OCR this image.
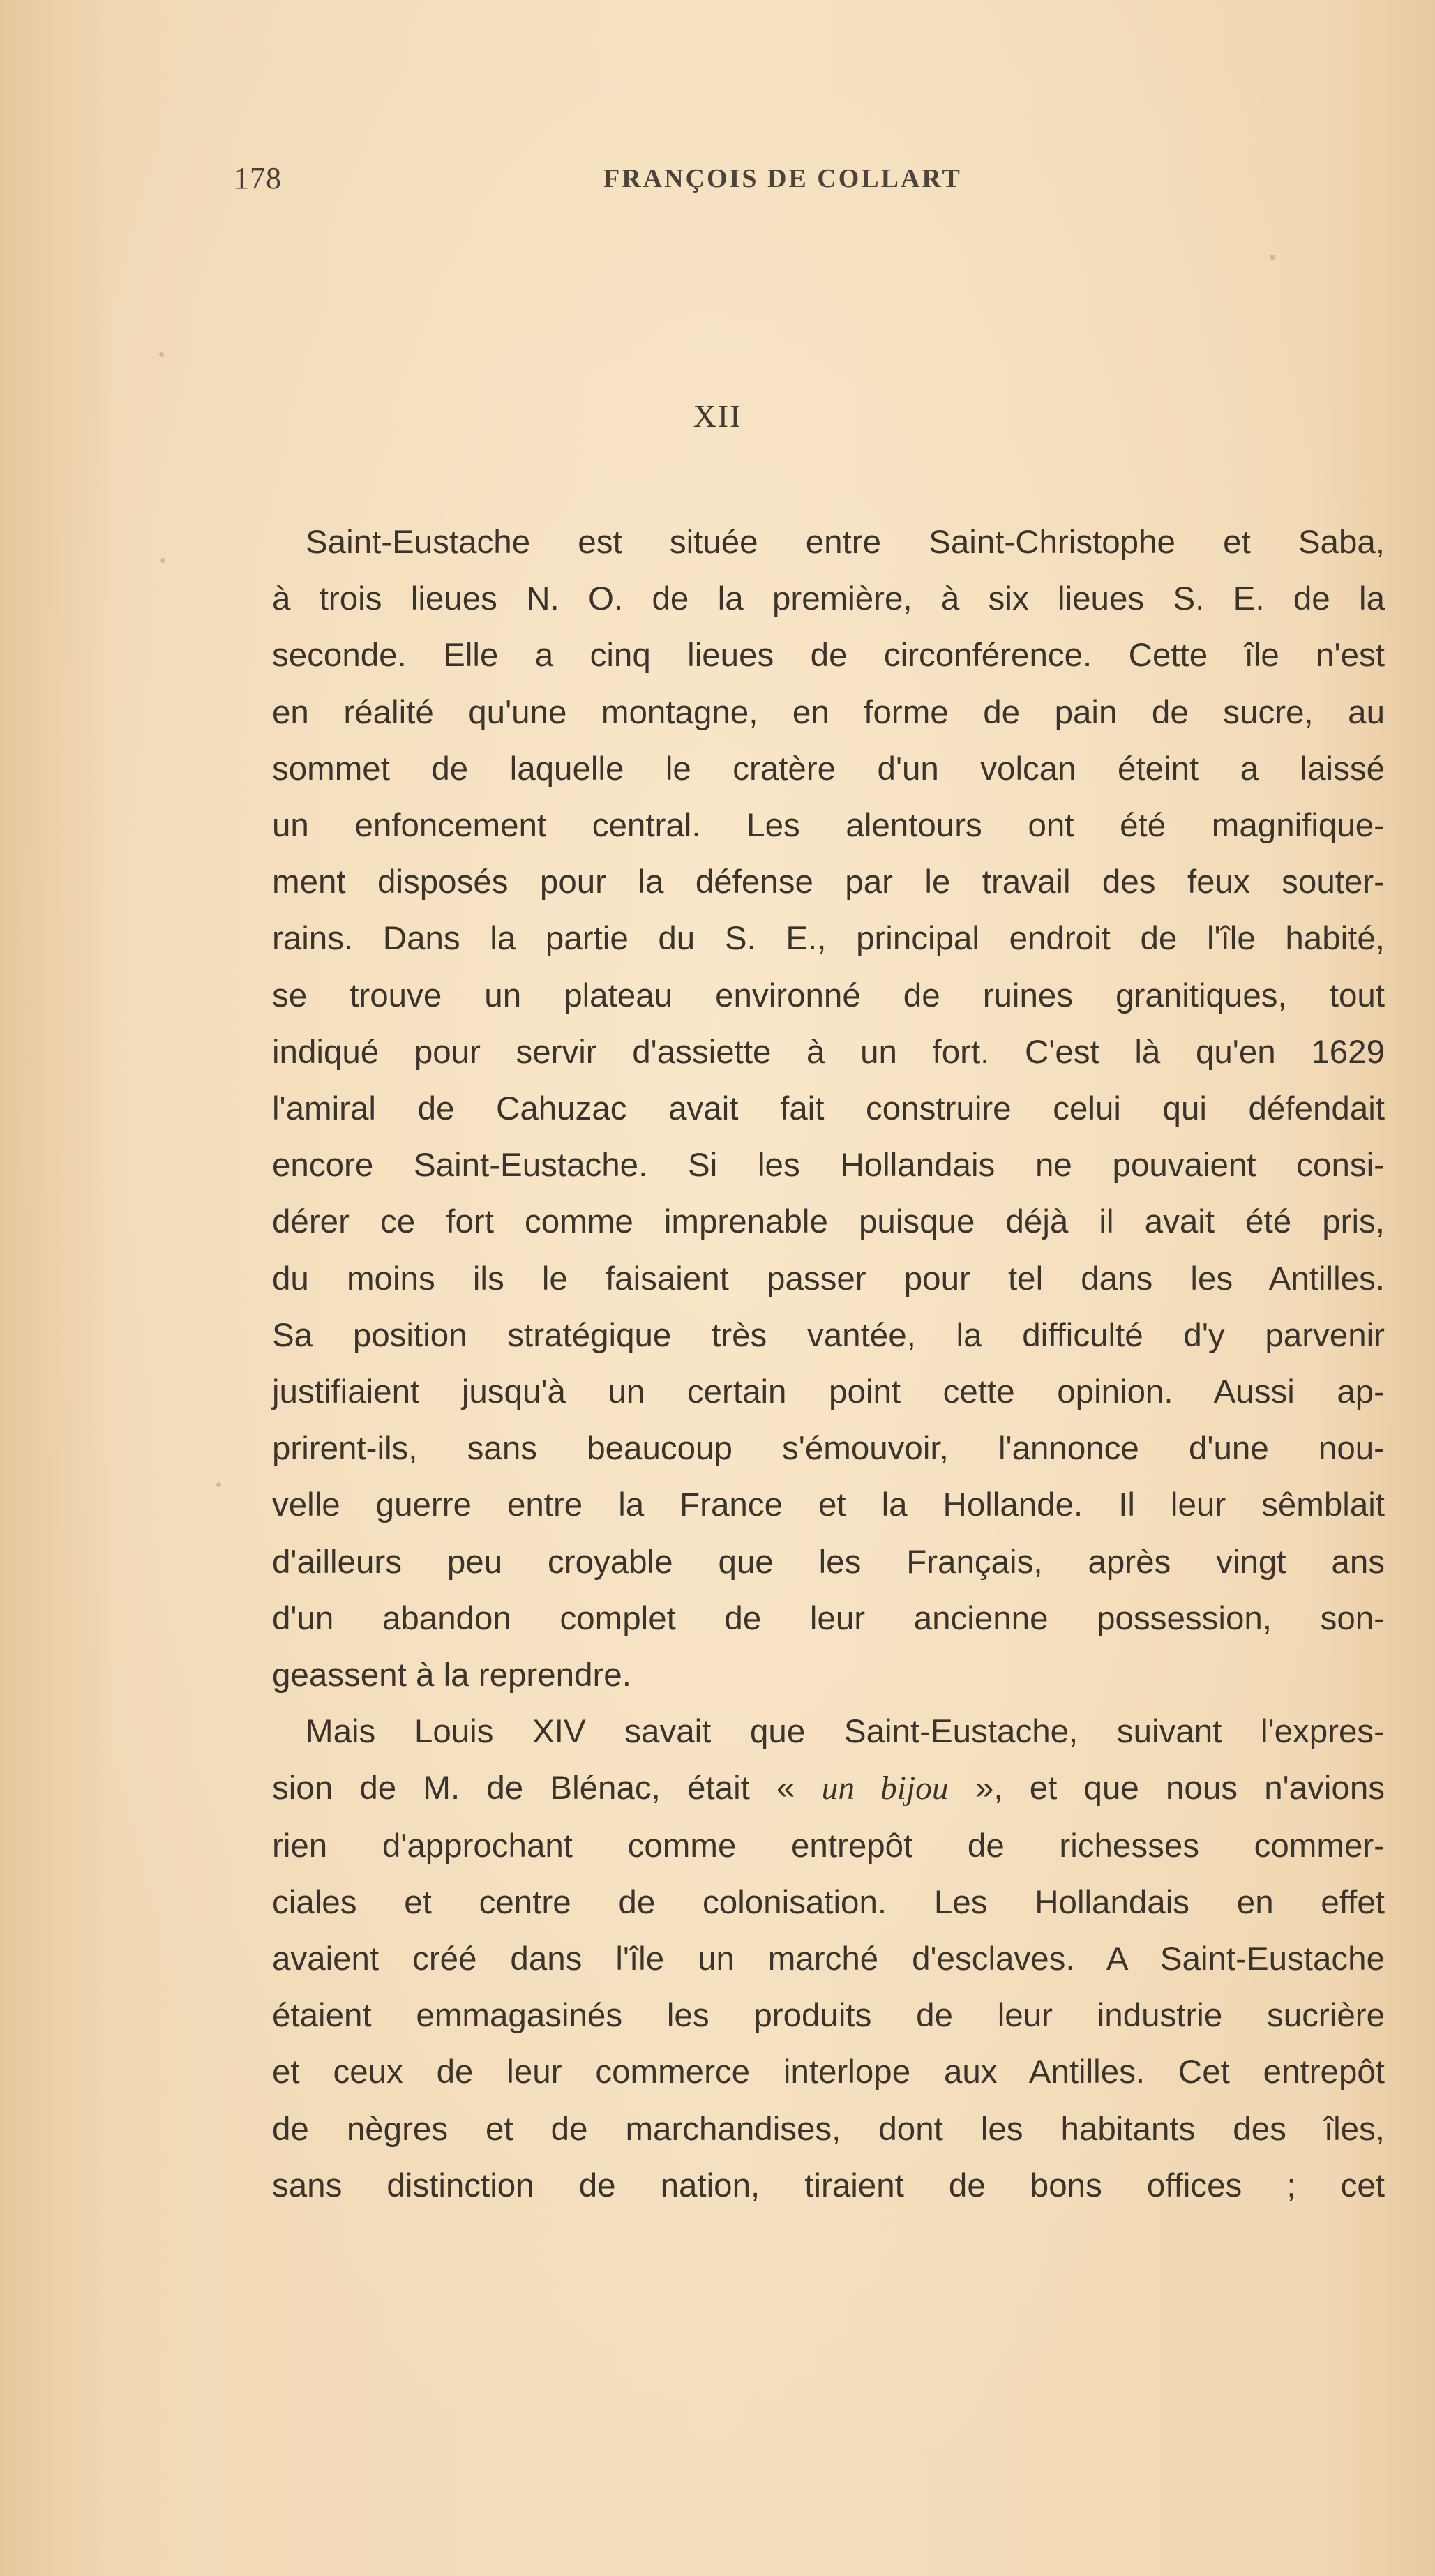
178	FRANÇOIS DE COLLART
XII
Saint-Eustache est située entre Saint-Christophe et Saba,
à trois lieues N. O. de la première, à six lieues S. E. de la
seconde. Elle a cinq lieues de circonférence. Cette île n'est
en réalité qu'une montagne, en forme de pain de sucre, au
sommet de laquelle le cratère d'un volcan éteint a laissé
un enfoncement central. Les alentours ont été magnifique-
ment disposés pour la défense par le travail des feux souter-
rains. Dans la partie du S. E., principal endroit de l'île habité,
se trouve un plateau environné de ruines granitiques, tout
indiqué pour servir d'assiette à un fort. C'est là qu'en 1629
l'amiral de Cahuzac avait fait construire celui qui défendait
encore Saint-Eustache. Si les Hollandais ne pouvaient consi-
dérer ce fort comme imprenable puisque déjà il avait été pris,
du moins ils le faisaient passer pour tel dans les Antilles.
Sa position stratégique très vantée, la difficulté d'y parvenir
justifiaient jusqu'à un certain point cette opinion. Aussi ap-
prirent-ils, sans beaucoup s'émouvoir, l'annonce d'une nou-
velle guerre entre la France et la Hollande. Il leur sêmblait
d'ailleurs peu croyable que les Français, après vingt ans
d'un abandon complet de leur ancienne possession, son-
geassent à la reprendre.
Mais Louis XIV savait que Saint-Eustache, suivant l'expres-
sion de M. de Blénac, était « un bijou », et que nous n'avions
rien d'approchant comme entrepôt de richesses commer-
ciales et centre de colonisation. Les Hollandais en effet
avaient créé dans l'île un marché d'esclaves. A Saint-Eustache
étaient emmagasinés les produits de leur industrie sucrière
et ceux de leur commerce interlope aux Antilles. Cet entrepôt
de nègres et de marchandises, dont les habitants des îles,
sans distinction de nation, tiraient de bons offices ; cet
